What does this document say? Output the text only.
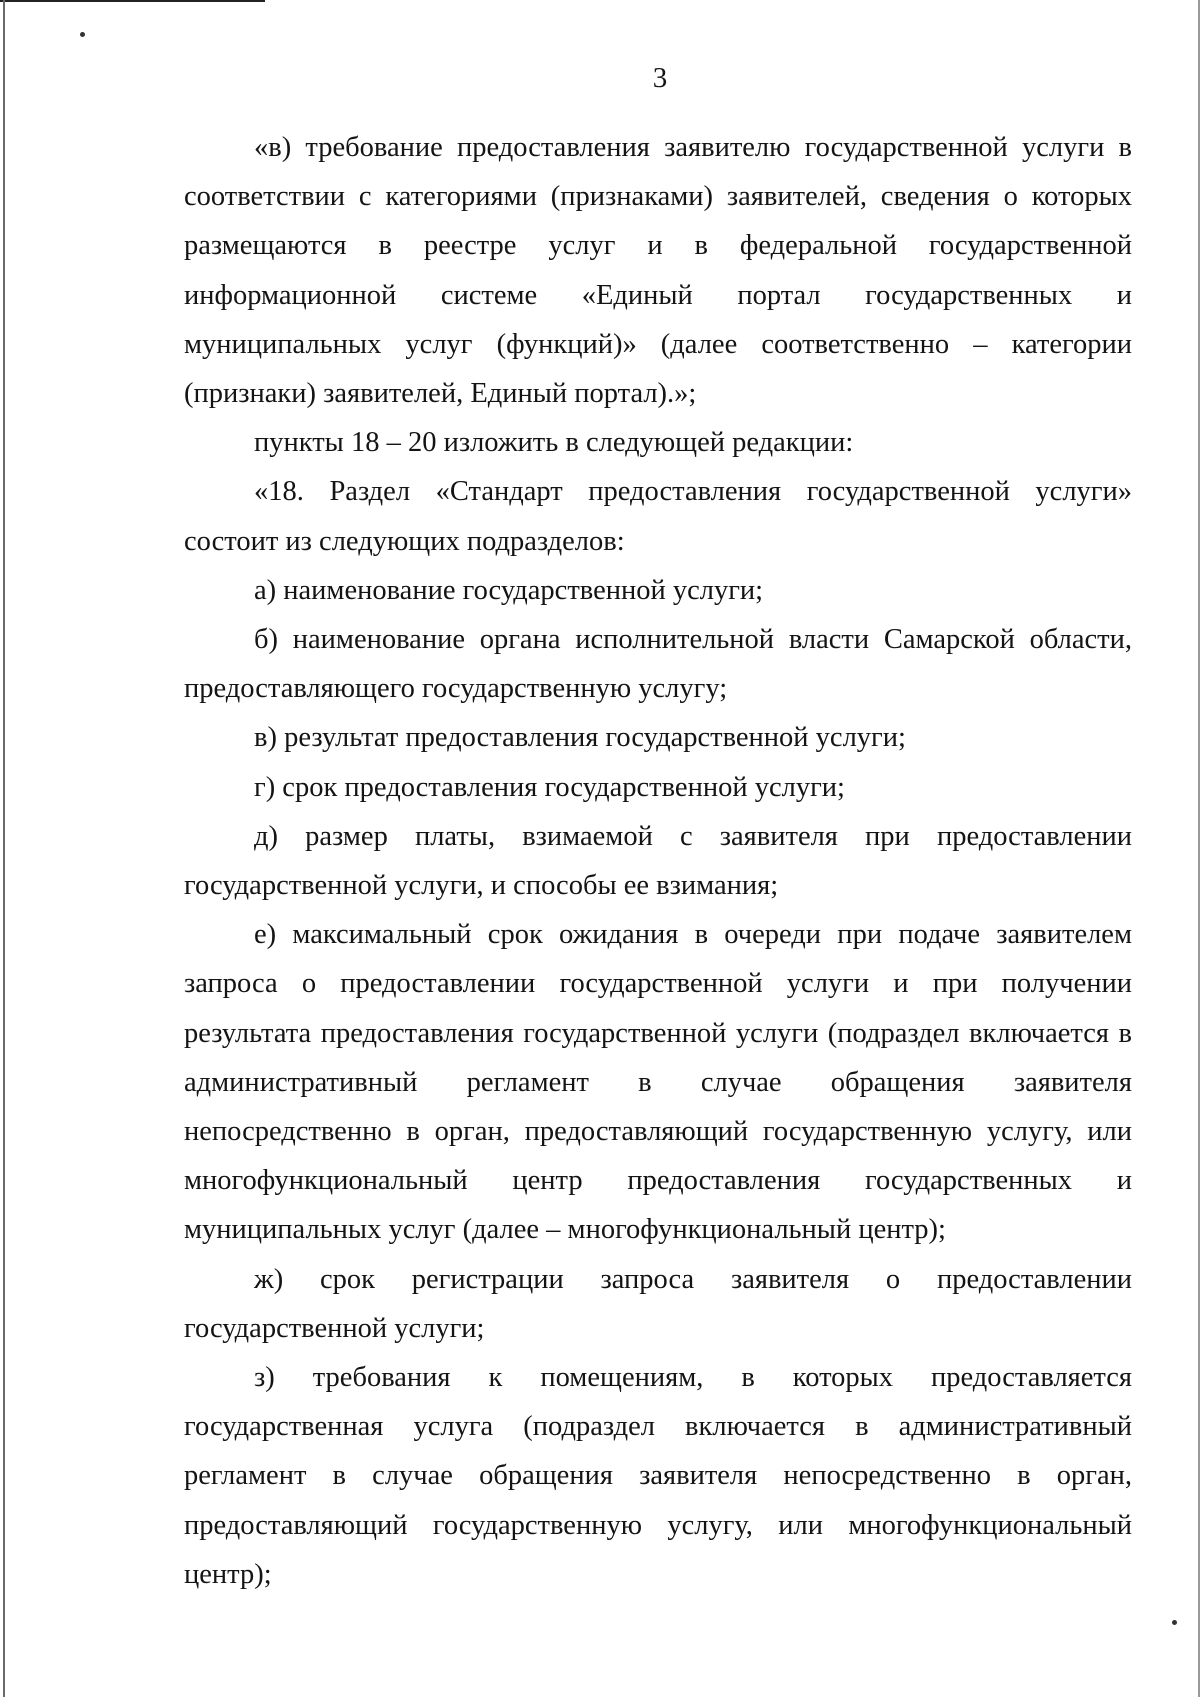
3

«в) требование предоставления заявителю государственной услуги в соответствии с категориями (признаками) заявителей, сведения о которых размещаются в реестре услуг и в федеральной государственной информационной системе «Единый портал государственных и муниципальных услуг (функций)» (далее соответственно – категории (признаки) заявителей, Единый портал).»;

пункты 18 – 20 изложить в следующей редакции:

«18. Раздел «Стандарт предоставления государственной услуги» состоит из следующих подразделов:

а) наименование государственной услуги;

б) наименование органа исполнительной власти Самарской области, предоставляющего государственную услугу;

в) результат предоставления государственной услуги;

г) срок предоставления государственной услуги;

д) размер платы, взимаемой с заявителя при предоставлении государственной услуги, и способы ее взимания;

е) максимальный срок ожидания в очереди при подаче заявителем запроса о предоставлении государственной услуги и при получении результата предоставления государственной услуги (подраздел включается в административный регламент в случае обращения заявителя непосредственно в орган, предоставляющий государственную услугу, или многофункциональный центр предоставления государственных и муниципальных услуг (далее – многофункциональный центр);

ж) срок регистрации запроса заявителя о предоставлении государственной услуги;

з) требования к помещениям, в которых предоставляется государственная услуга (подраздел включается в административный регламент в случае обращения заявителя непосредственно в орган, предоставляющий государственную услугу, или многофункциональный центр);
